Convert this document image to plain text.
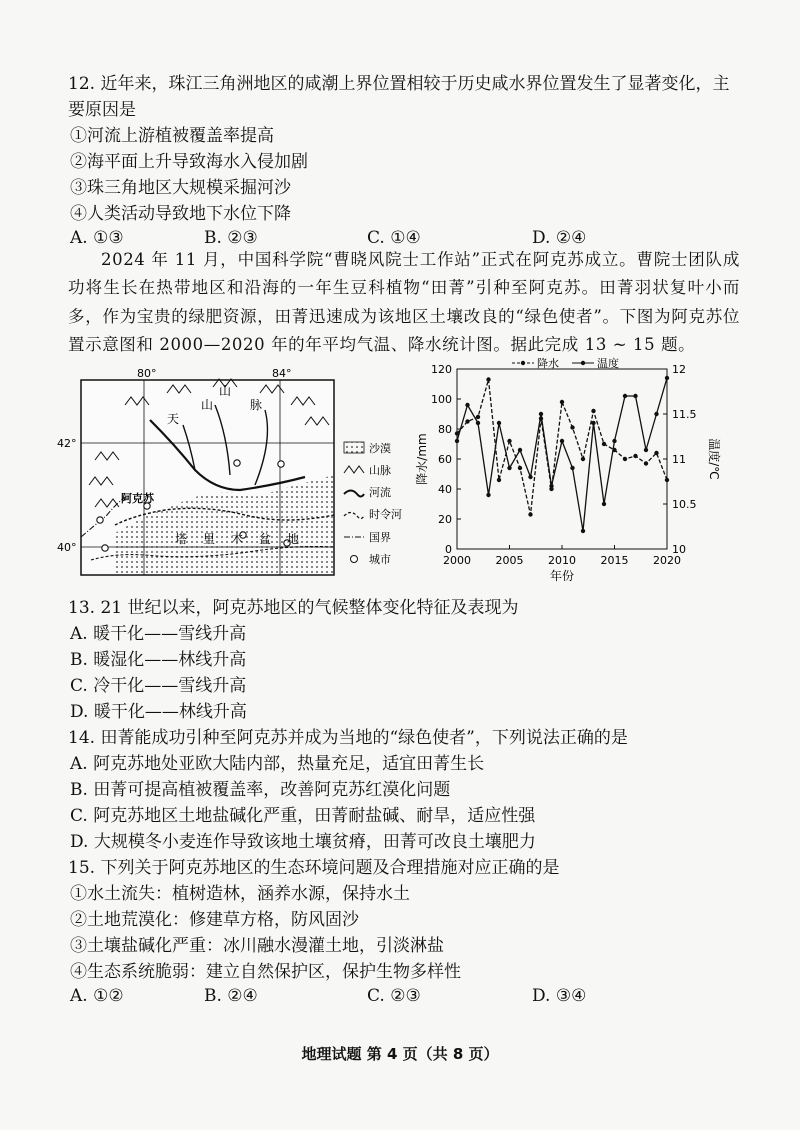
12. 近年来，珠江三角洲地区的咸潮上界位置相较于历史咸水界位置发生了显著变化，主
要原因是
①河流上游植被覆盖率提高
②海平面上升导致海水入侵加剧
③珠三角地区大规模采掘河沙
④人类活动导致地下水位下降
A. ①③	B. ②③	C. ①④	D. ②④
2024 年 11 月，中国科学院“曹晓风院士工作站”正式在阿克苏成立。曹院士团队成功将生长在热带地区和沿海的一年生豆科植物“田菁”引种至阿克苏。田菁羽状复叶小而多，作为宝贵的绿肥资源，田菁迅速成为该地区土壤改良的“绿色使者”。下图为阿克苏位置示意图和 2000—2020 年的年平均气温、降水统计图。据此完成 13 ~ 15 题。
80°	84°
42°
40°
天
山
山
脉
塔 里 木 盆 地
阿克苏
沙漠
山脉
河流
时令河
国界
城市
0
20
40
60
80
100
120
10
10.5
11
11.5
12
2000 2005 2010 2015 2020
年份
降水/mm	温度/℃
降水	温度
13. 21 世纪以来，阿克苏地区的气候整体变化特征及表现为
A. 暖干化——雪线升高
B. 暖湿化——林线升高
C. 冷干化——雪线升高
D. 暖干化——林线升高
14. 田菁能成功引种至阿克苏并成为当地的“绿色使者”，下列说法正确的是
A. 阿克苏地处亚欧大陆内部，热量充足，适宜田菁生长
B. 田菁可提高植被覆盖率，改善阿克苏红漠化问题
C. 阿克苏地区土地盐碱化严重，田菁耐盐碱、耐旱，适应性强
D. 大规模冬小麦连作导致该地土壤贫瘠，田菁可改良土壤肥力
15. 下列关于阿克苏地区的生态环境问题及合理措施对应正确的是
①水土流失：植树造林，涵养水源，保持水土
②土地荒漠化：修建草方格，防风固沙
③土壤盐碱化严重：冰川融水漫灌土地，引淡淋盐
④生态系统脆弱：建立自然保护区，保护生物多样性
A. ①②	B. ②④	C. ②③	D. ③④
地理试题 第 4 页（共 8 页）
